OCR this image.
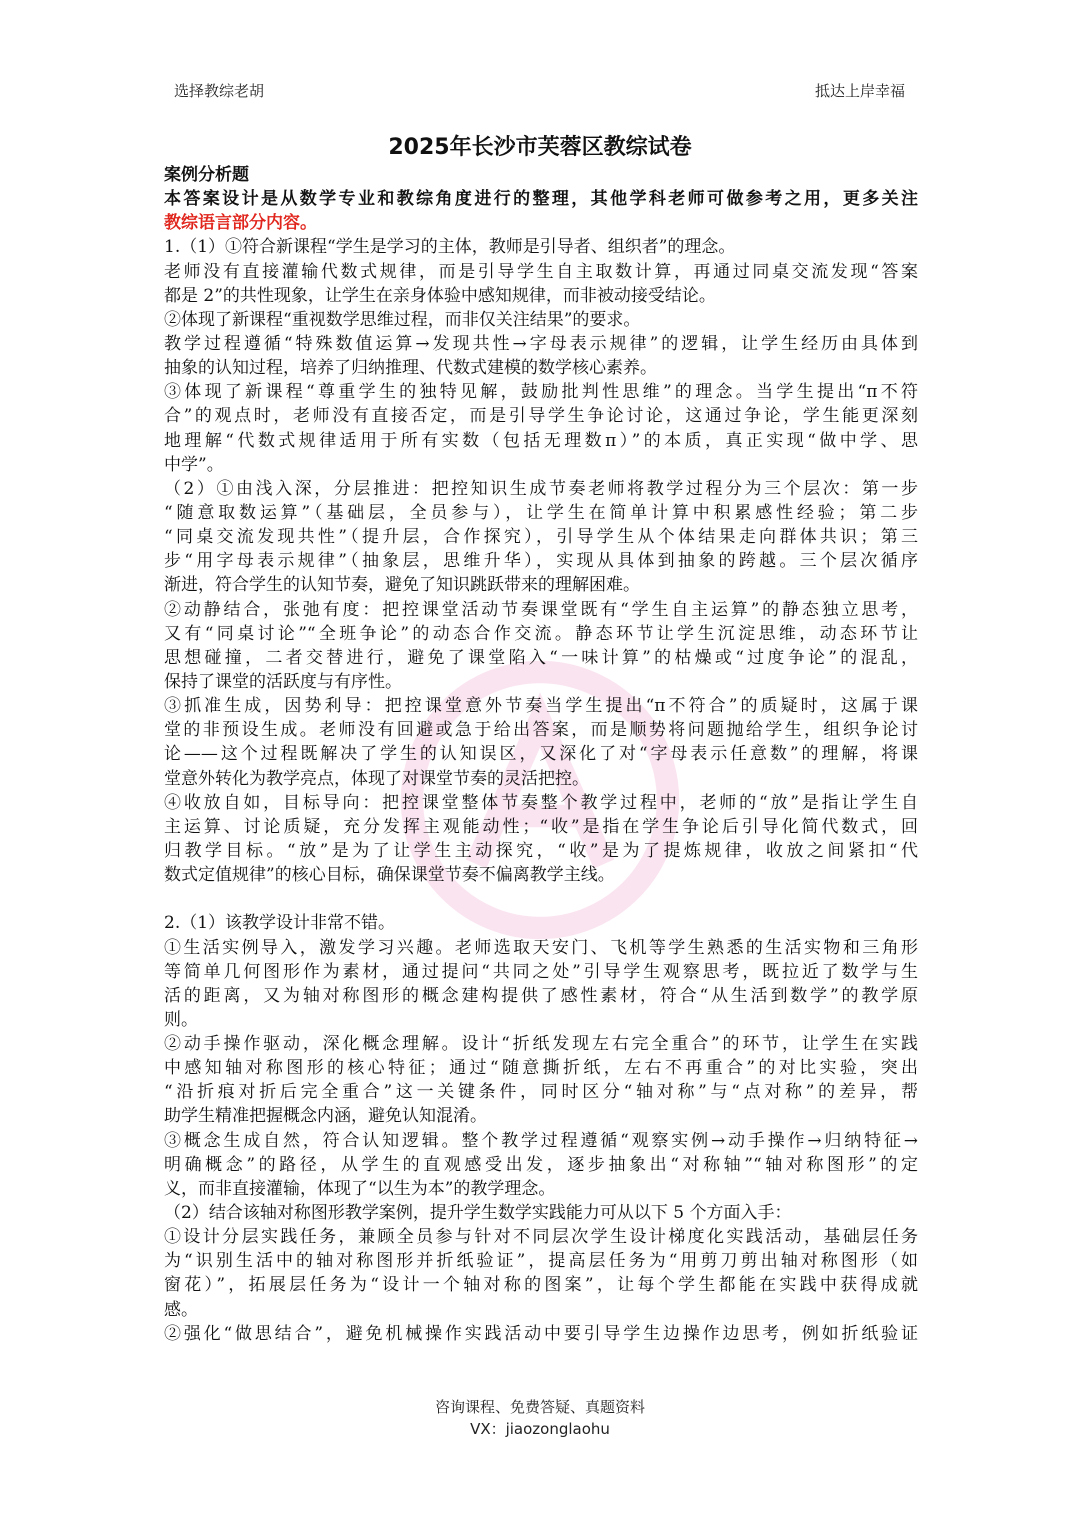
选择教综老胡	抵达上岸幸福
2025年长沙市芙蓉区教综试卷
案例分析题
本答案设计是从数学专业和教综角度进行的整理，其他学科老师可做参考之用，更多关注
教综语言部分内容。
1.（1）①符合新课程“学生是学习的主体，教师是引导者、组织者”的理念。
老师没有直接灌输代数式规律，而是引导学生自主取数计算，再通过同桌交流发现“答案
都是 2”的共性现象，让学生在亲身体验中感知规律，而非被动接受结论。
②体现了新课程“重视数学思维过程，而非仅关注结果”的要求。
教学过程遵循“特殊数值运算→发现共性→字母表示规律”的逻辑，让学生经历由具体到
抽象的认知过程，培养了归纳推理、代数式建模的数学核心素养。
③体现了新课程“尊重学生的独特见解，鼓励批判性思维”的理念。当学生提出“π不符
合”的观点时，老师没有直接否定，而是引导学生争论讨论，这通过争论，学生能更深刻
地理解“代数式规律适用于所有实数（包括无理数π）”的本质，真正实现“做中学、思
中学”。
（2）①由浅入深，分层推进：把控知识生成节奏老师将教学过程分为三个层次：第一步
“随意取数运算”（基础层，全员参与），让学生在简单计算中积累感性经验；第二步
“同桌交流发现共性”（提升层，合作探究），引导学生从个体结果走向群体共识；第三
步“用字母表示规律”（抽象层，思维升华），实现从具体到抽象的跨越。三个层次循序
渐进，符合学生的认知节奏，避免了知识跳跃带来的理解困难。
②动静结合，张弛有度：把控课堂活动节奏课堂既有“学生自主运算”的静态独立思考，
又有“同桌讨论”“全班争论”的动态合作交流。静态环节让学生沉淀思维，动态环节让
思想碰撞，二者交替进行，避免了课堂陷入“一味计算”的枯燥或“过度争论”的混乱，
保持了课堂的活跃度与有序性。
③抓准生成，因势利导：把控课堂意外节奏当学生提出“π不符合”的质疑时，这属于课
堂的非预设生成。老师没有回避或急于给出答案，而是顺势将问题抛给学生，组织争论讨
论——这个过程既解决了学生的认知误区，又深化了对“字母表示任意数”的理解，将课
堂意外转化为教学亮点，体现了对课堂节奏的灵活把控。
④收放自如，目标导向：把控课堂整体节奏整个教学过程中，老师的“放”是指让学生自
主运算、讨论质疑，充分发挥主观能动性；“收”是指在学生争论后引导化简代数式，回
归教学目标。“放”是为了让学生主动探究，“收”是为了提炼规律，收放之间紧扣“代
数式定值规律”的核心目标，确保课堂节奏不偏离教学主线。
2.（1）该教学设计非常不错。
①生活实例导入，激发学习兴趣。老师选取天安门、飞机等学生熟悉的生活实物和三角形
等简单几何图形作为素材，通过提问“共同之处”引导学生观察思考，既拉近了数学与生
活的距离，又为轴对称图形的概念建构提供了感性素材，符合“从生活到数学”的教学原
则。
②动手操作驱动，深化概念理解。设计“折纸发现左右完全重合”的环节，让学生在实践
中感知轴对称图形的核心特征；通过“随意撕折纸，左右不再重合”的对比实验，突出
“沿折痕对折后完全重合”这一关键条件，同时区分“轴对称”与“点对称”的差异，帮
助学生精准把握概念内涵，避免认知混淆。
③概念生成自然，符合认知逻辑。整个教学过程遵循“观察实例→动手操作→归纳特征→
明确概念”的路径，从学生的直观感受出发，逐步抽象出“对称轴”“轴对称图形”的定
义，而非直接灌输，体现了“以生为本”的教学理念。
（2）结合该轴对称图形教学案例，提升学生数学实践能力可从以下 5 个方面入手：
①设计分层实践任务，兼顾全员参与针对不同层次学生设计梯度化实践活动，基础层任务
为“识别生活中的轴对称图形并折纸验证”，提高层任务为“用剪刀剪出轴对称图形（如
窗花）”，拓展层任务为“设计一个轴对称的图案”，让每个学生都能在实践中获得成就
感。
②强化“做思结合”，避免机械操作实践活动中要引导学生边操作边思考，例如折纸验证
咨询课程、免费答疑、真题资料
VX：jiaozonglaohu
